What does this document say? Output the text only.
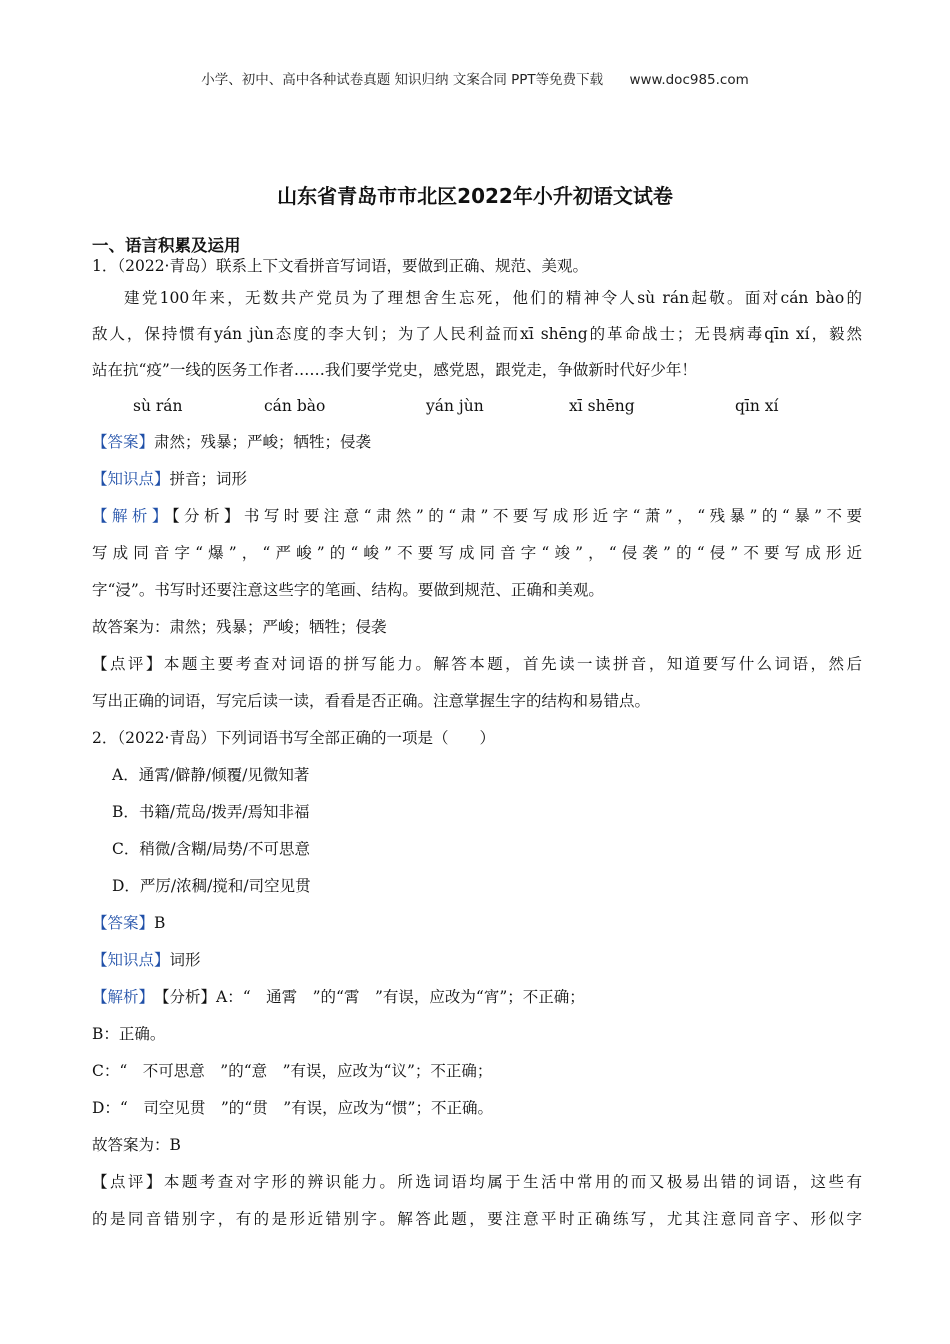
小学、初中、高中各种试卷真题 知识归纳 文案合同 PPT等免费下载 www.doc985.com
山东省青岛市市北区2022年小升初语文试卷
一、语言积累及运用
1．（2022·青岛）联系上下文看拼音写词语，要做到正确、规范、美观。
建党100年来，无数共产党员为了理想舍生忘死，他们的精神令人sù rán起敬。面对cán bào的
敌人，保持惯有yán jùn态度的李大钊；为了人民利益而xī shēng的革命战士；无畏病毒qīn xí，毅然
站在抗“疫”一线的医务工作者……我们要学党史，感党恩，跟党走，争做新时代好少年！
sù rán	cán bào	yán jùn	xī shēng	qīn xí
【答案】肃然；残暴；严峻；牺牲；侵袭
【知识点】拼音；词形
【解析】【分析】书写时要注意“肃然”的“肃”不要写成形近字“萧”，“残暴”的“暴”不要
写成同音字“爆”，“严峻”的“峻”不要写成同音字“竣”，“侵袭”的“侵”不要写成形近
字“浸”。书写时还要注意这些字的笔画、结构。要做到规范、正确和美观。
故答案为：肃然；残暴；严峻；牺牲；侵袭
【点评】本题主要考查对词语的拼写能力。解答本题，首先读一读拼音，知道要写什么词语，然后
写出正确的词语，写完后读一读，看看是否正确。注意掌握生字的结构和易错点。
2．（2022·青岛）下列词语书写全部正确的一项是（　　）
A．通霄/僻静/倾覆/见微知著
B．书籍/荒岛/拨弄/焉知非福
C．稍微/含糊/局势/不可思意
D．严厉/浓稠/搅和/司空见贯
【答案】B
【知识点】词形
【解析】　【分析】A：“　通霄　”的“霄　”有误，应改为“宵”；不正确；
B：正确。
C：“　不可思意　”的“意　”有误，应改为“议”；不正确；
D：“　司空见贯　”的“贯　”有误，应改为“惯”；不正确。
故答案为：B
【点评】本题考查对字形的辨识能力。所选词语均属于生活中常用的而又极易出错的词语，这些有
的是同音错别字，有的是形近错别字。解答此题，要注意平时正确练写，尤其注意同音字、形似字
